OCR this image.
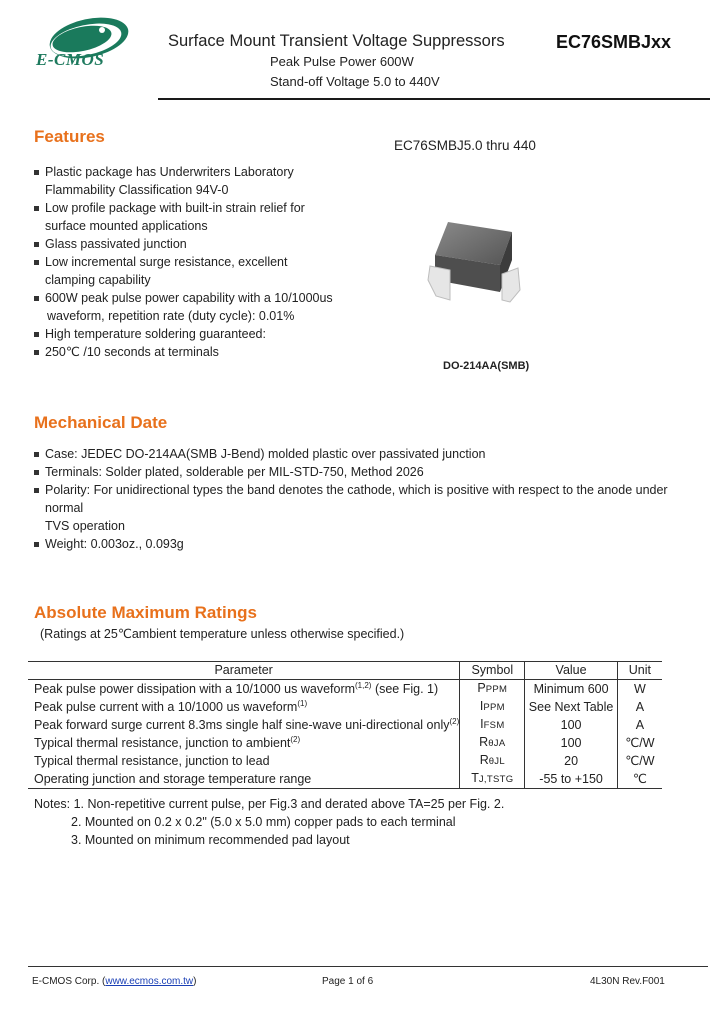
E-CMOS
Surface Mount Transient Voltage Suppressors	EC76SMBJxx
Peak Pulse Power 600W
Stand-off Voltage 5.0 to 440V
Features
Plastic package has Underwriters Laboratory
Flammability Classification 94V-0
Low profile package with built-in strain relief for
surface mounted applications
Glass passivated junction
Low incremental surge resistance, excellent
clamping capability
600W peak pulse power capability with a 10/1000us
waveform, repetition rate (duty cycle): 0.01%
High temperature soldering guaranteed:
250℃ /10 seconds at terminals
EC76SMBJ5.0 thru 440
DO-214AA(SMB)
Mechanical Date
Case: JEDEC DO-214AA(SMB J-Bend) molded plastic over passivated junction
Terminals: Solder plated, solderable per MIL-STD-750, Method 2026
Polarity: For unidirectional types the band denotes the cathode, which is positive with respect to the anode under normal
TVS operation
Weight: 0.003oz., 0.093g
Absolute Maximum Ratings
(Ratings at 25℃ambient temperature unless otherwise specified.)
Parameter	Symbol	Value	Unit
Peak pulse power dissipation with a 10/1000 us waveform$^{(1,2)}$ (see Fig. 1)	PPPM	Minimum 600	W
Peak pulse current with a 10/1000 us waveform$^{(1)}$	IPPM	See Next Table	A
Peak forward surge current 8.3ms single half sine-wave uni-directional only$^{(2)}$	IFSM	100	A
Typical thermal resistance, junction to ambient$^{(2)}$	RθJA	100	℃/W
Typical thermal resistance, junction to lead	RθJL	20	℃/W
Operating junction and storage temperature range	TJ,TSTG	-55 to +150	℃
Notes: 1. Non-repetitive current pulse, per Fig.3 and derated above TA=25 per Fig. 2.
2. Mounted on 0.2 x 0.2" (5.0 x 5.0 mm) copper pads to each terminal
3. Mounted on minimum recommended pad layout
E-CMOS Corp. (www.ecmos.com.tw)	Page 1 of 6	4L30N Rev.F001
